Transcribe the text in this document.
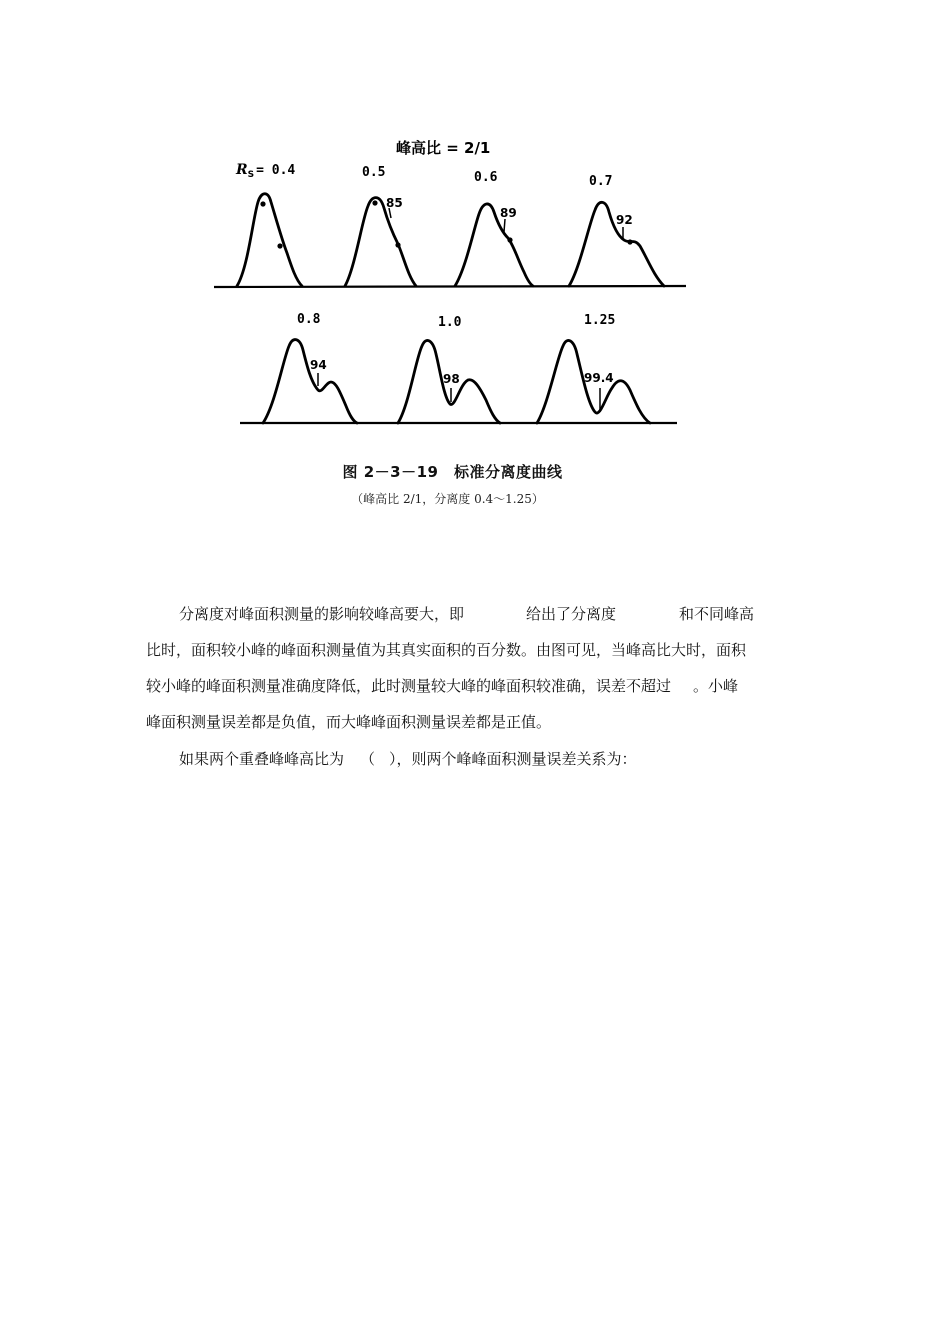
峰高比 = 2/1
RS = 0.4	0.5	0.6	0.7
85
89	92
0.8	1.0	1.25
94
98	99.4
图 2－3－19　标准分离度曲线
（峰高比 2/1，分离度 0.4～1.25）
分离度对峰面积测量的影响较峰高要大，即	给出了分离度	和不同峰高
比时，面积较小峰的峰面积测量值为其真实面积的百分数。由图可见，当峰高比大时，面积
较小峰的峰面积测量准确度降低，此时测量较大峰的峰面积较准确，误差不超过 。小峰
峰面积测量误差都是负值，而大峰峰面积测量误差都是正值。
如果两个重叠峰峰高比为 （ ），则两个峰峰面积测量误差关系为：
